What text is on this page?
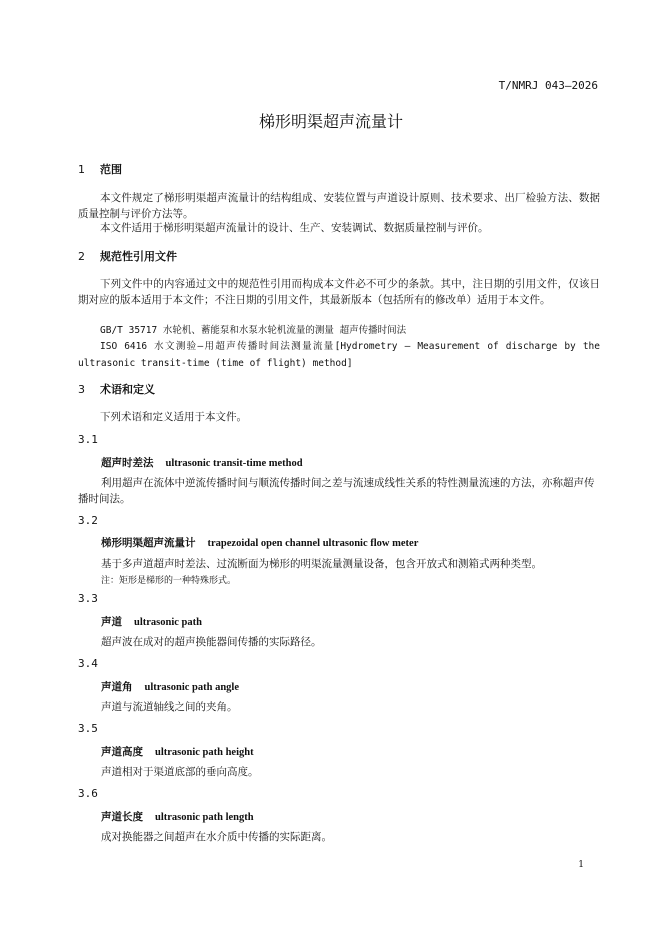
T/NMRJ 043—2026
梯形明渠超声流量计
1 范围
本文件规定了梯形明渠超声流量计的结构组成、安装位置与声道设计原则、技术要求、出厂检验方法、数据质量控制与评价方法等。
本文件适用于梯形明渠超声流量计的设计、生产、安装调试、数据质量控制与评价。
2 规范性引用文件
下列文件中的内容通过文中的规范性引用而构成本文件必不可少的条款。其中，注日期的引用文件，仅该日期对应的版本适用于本文件；不注日期的引用文件，其最新版本（包括所有的修改单）适用于本文件。
GB/T 35717 水轮机、蓄能泵和水泵水轮机流量的测量 超声传播时间法
ISO 6416 水文测验—用超声传播时间法测量流量[Hydrometry — Measurement of discharge by the ultrasonic transit-time (time of flight) method]
3 术语和定义
下列术语和定义适用于本文件。
3.1
超声时差法 ultrasonic transit-time method
利用超声在流体中逆流传播时间与顺流传播时间之差与流速成线性关系的特性测量流速的方法，亦称超声传播时间法。
3.2
梯形明渠超声流量计 trapezoidal open channel ultrasonic flow meter
基于多声道超声时差法、过流断面为梯形的明渠流量测量设备，包含开放式和测箱式两种类型。
注：矩形是梯形的一种特殊形式。
3.3
声道 ultrasonic path
超声波在成对的超声换能器间传播的实际路径。
3.4
声道角 ultrasonic path angle
声道与流道轴线之间的夹角。
3.5
声道高度 ultrasonic path height
声道相对于渠道底部的垂向高度。
3.6
声道长度 ultrasonic path length
成对换能器之间超声在水介质中传播的实际距离。
1
